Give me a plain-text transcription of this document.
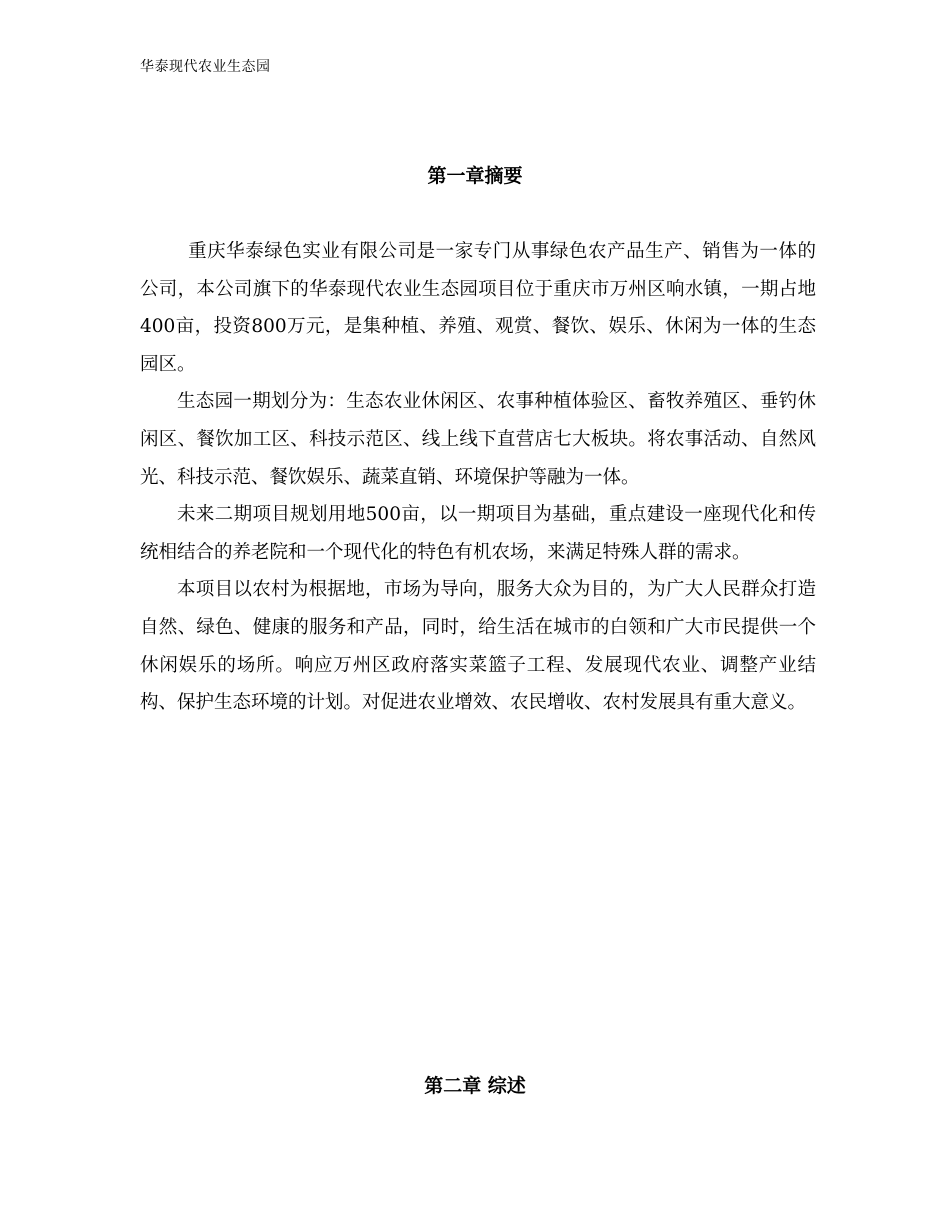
华泰现代农业生态园
第一章摘要

重庆华泰绿色实业有限公司是一家专门从事绿色农产品生产、销售为一体的公司，本公司旗下的华泰现代农业生态园项目位于重庆市万州区响水镇，一期占地400亩，投资800万元，是集种植、养殖、观赏、餐饮、娱乐、休闲为一体的生态园区。

生态园一期划分为：生态农业休闲区、农事种植体验区、畜牧养殖区、垂钓休闲区、餐饮加工区、科技示范区、线上线下直营店七大板块。将农事活动、自然风光、科技示范、餐饮娱乐、蔬菜直销、环境保护等融为一体。

未来二期项目规划用地500亩，以一期项目为基础，重点建设一座现代化和传统相结合的养老院和一个现代化的特色有机农场，来满足特殊人群的需求。

本项目以农村为根据地，市场为导向，服务大众为目的，为广大人民群众打造自然、绿色、健康的服务和产品，同时，给生活在城市的白领和广大市民提供一个休闲娱乐的场所。响应万州区政府落实菜篮子工程、发展现代农业、调整产业结构、保护生态环境的计划。对促进农业增效、农民增收、农村发展具有重大意义。

第二章 综述
